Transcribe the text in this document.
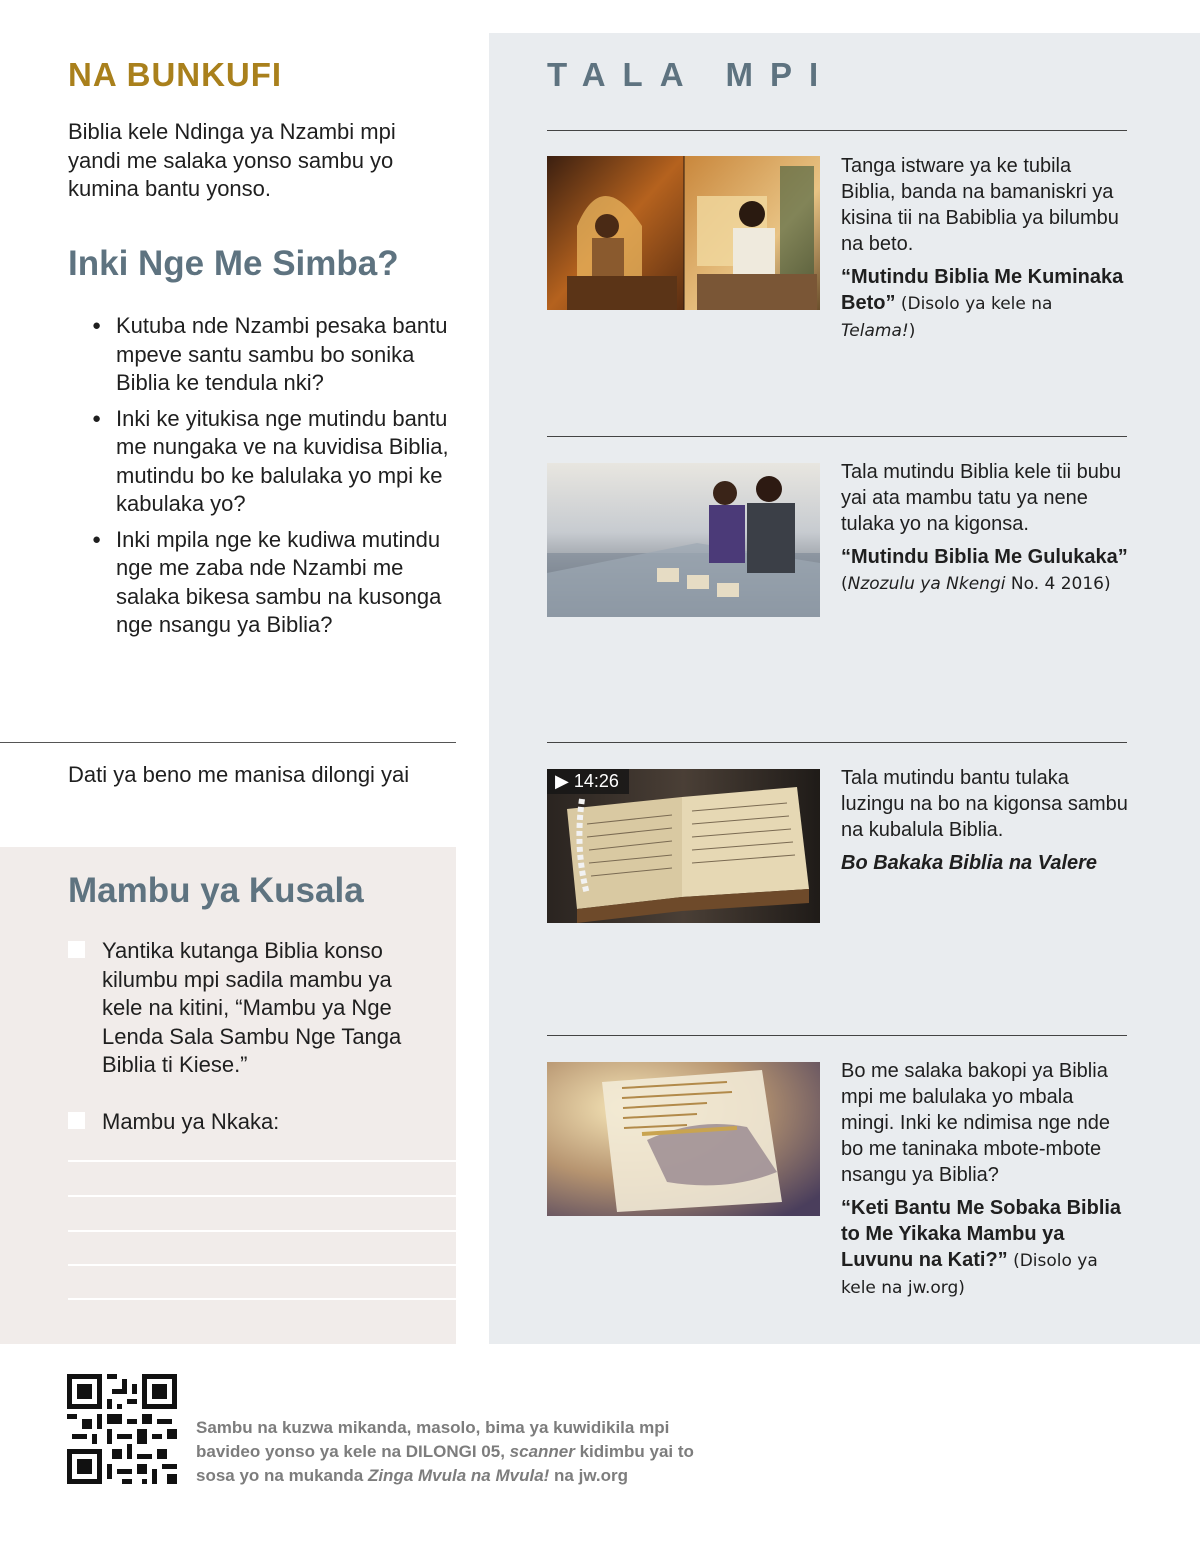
NA BUNKUFI

Biblia kele Ndinga ya Nzambi mpi yandi me salaka yonso sambu yo kumina bantu yonso.

Inki Nge Me Simba?
● Kutuba nde Nzambi pesaka bantu mpeve santu sambu bo sonika Biblia ke tendula nki?
● Inki ke yitukisa nge mutindu bantu me nungaka ve na kuvidisa Biblia, mutindu bo ke balulaka yo mpi ke kabulaka yo?
● Inki mpila nge ke kudiwa mutindu nge me zaba nde Nzambi me salaka bikesa sambu na kusonga nge nsangu ya Biblia?
Dati ya beno me manisa dilongi yai
Mambu ya Kusala
Yantika kutanga Biblia konso kilumbu mpi sadila mambu ya kele na kitini, “Mambu ya Nge Lenda Sala Sambu Nge Tanga Biblia ti Kiese.”
Mambu ya Nkaka:
TALA MPI

Tanga istware ya ke tubila Biblia, banda na bamaniskri ya kisina tii na Babiblia ya bilumbu na beto.

“Mutindu Biblia Me Kuminaka Beto” (Disolo ya kele na Telama!)

Tala mutindu Biblia kele tii bubu yai ata mambu tatu ya nene tulaka yo na kigonsa.

“Mutindu Biblia Me Gulukaka”
(Nzozulu ya Nkengi No. 4 2016)

▶ 14:26	Tala mutindu bantu tulaka luzingu na bo na kigonsa sambu na kubalula Biblia.

Bo Bakaka Biblia na Valere

Bo me salaka bakopi ya Biblia mpi me balulaka yo mbala mingi. Inki ke ndimisa nge nde bo me taninaka mbote-mbote nsangu ya Biblia?

“Keti Bantu Me Sobaka Biblia to Me Yikaka Mambu ya Luvunu na Kati?” (Disolo ya kele na jw.org)

Sambu na kuzwa mikanda, masolo, bima ya kuwidikila mpi bavideo yonso ya kele na DILONGI 05, scanner kidimbu yai to sosa yo na mukanda Zinga Mvula na Mvula! na jw.org
